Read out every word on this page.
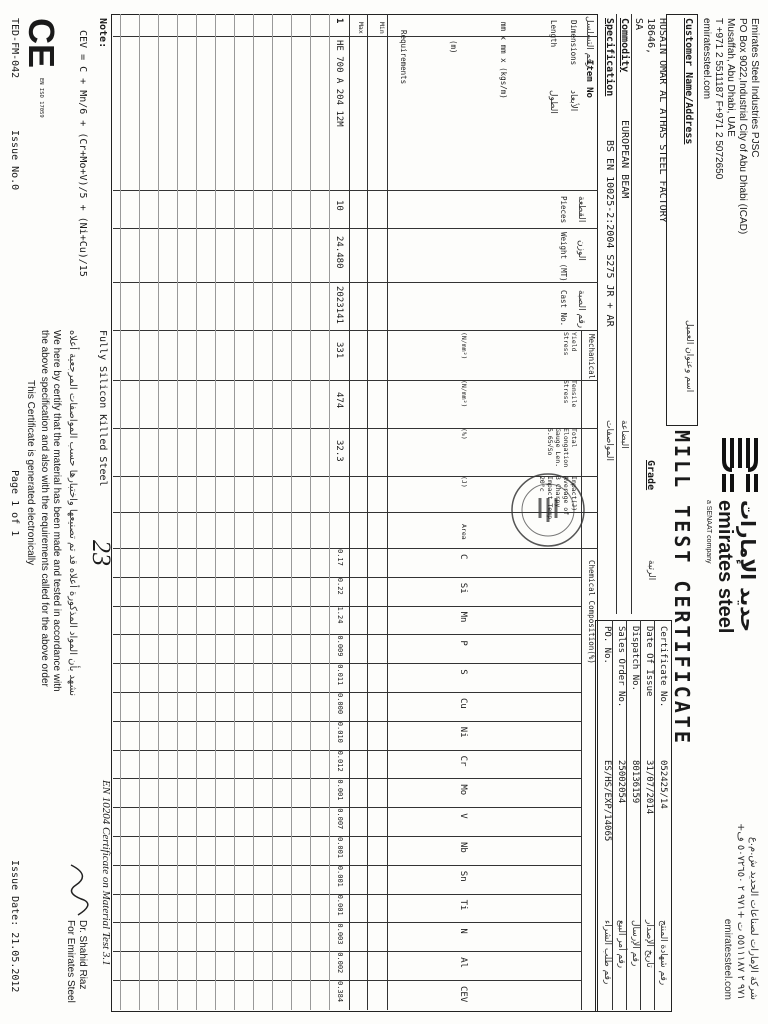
Emirates Steel Industries PJSC
PO Box 9022,Industrial City of Abu Dhabi (ICAD)
Musaffah, Abu Dhabi, UAE
T +971 2 5511187 F+971 2 5072650
emiratessteel.com
حديد الإمارات
emirates steel
a SENAAT company
شركة الإمارات لصناعات الحديد ش.م.ع
+٩٧١ ٢ ٥٥١١١٨٧ ت +٩٧١ ٢ ٥٠٧٢٦٥٠ ف
emiratessteel.com
MILL TEST CERTIFICATE
Customer Name/Address
اسم وعنوان العميل
HUSAIN OMAR AL ATHAS STEEL FACTORY
18646,
SA
Commodity
EUROPEAN BEAM
البضاعة
Specification
BS EN 10025-2:2004 S275 JR + AR
المواصفات
Grade
الرتبة
Certificate No.
052425/14
رقم شهادة المنتج
Date Of Issue
31/07/2014
تاريخ الإصدار
Dispatch No.
80136159
رقم الإرسال
Sales Order No.
25002054
رقم أمر البيع
PO. No.
ES/HS/EXP/14065
رقم طلب الشراء
Item No
رقم التسلسل
Dimensions
الأبعاد
Length
الطول
mm x mm x (kgs/m)
(m)
Requirements
Min
Max
Pieces القطعة
Weight (MT) الوزن
Cast No. رقم الصبة
Mechanical
Yield Stress
(N/mm²)
Tensile Stress
(N/mm²)
Total Elongation Gauge Len. 5.65√So
(%)
Impact(J) Average of 3 Charpy Impact Temp 20°c
(J)
Area
Chemical Composition(%)
C
Si
Mn
P
S
Cu
Ni
Cr
Mo
V
Nb
Sn
Ti
N
Al
CEV
1
HE 700 A 204 12M
10
24.480
2023141
331
474
32.3
0.17
0.22
1.24
0.009
0.011
0.000
0.010
0.012
0.001
0.007
0.001
0.001
0.001
0.003
0.002
0.384
Note:
CEV = C + Mn/6 + (Cr+Mo+V)/5 + (Ni+Cu)/15
Fully Silicon Killed Steel
23
EN 10204 Certificate on Material Test 3.1
نشهد بأن المواد المذكورة أعلاه قد تم تصنيعها واختبارها حسب المواصفات المرجعية أعلاه
We here by certify that the material has been made and tested in accordance with
the above specification and also with the requirements called for the above order
This Certificate is generated electronically
Dr. Shahid Riaz
For Emirates Steel
CE
EN ISO 17059
TED-FM-042
Issue No.0
Page 1 of 1
Issue Date: 21.05.2012
